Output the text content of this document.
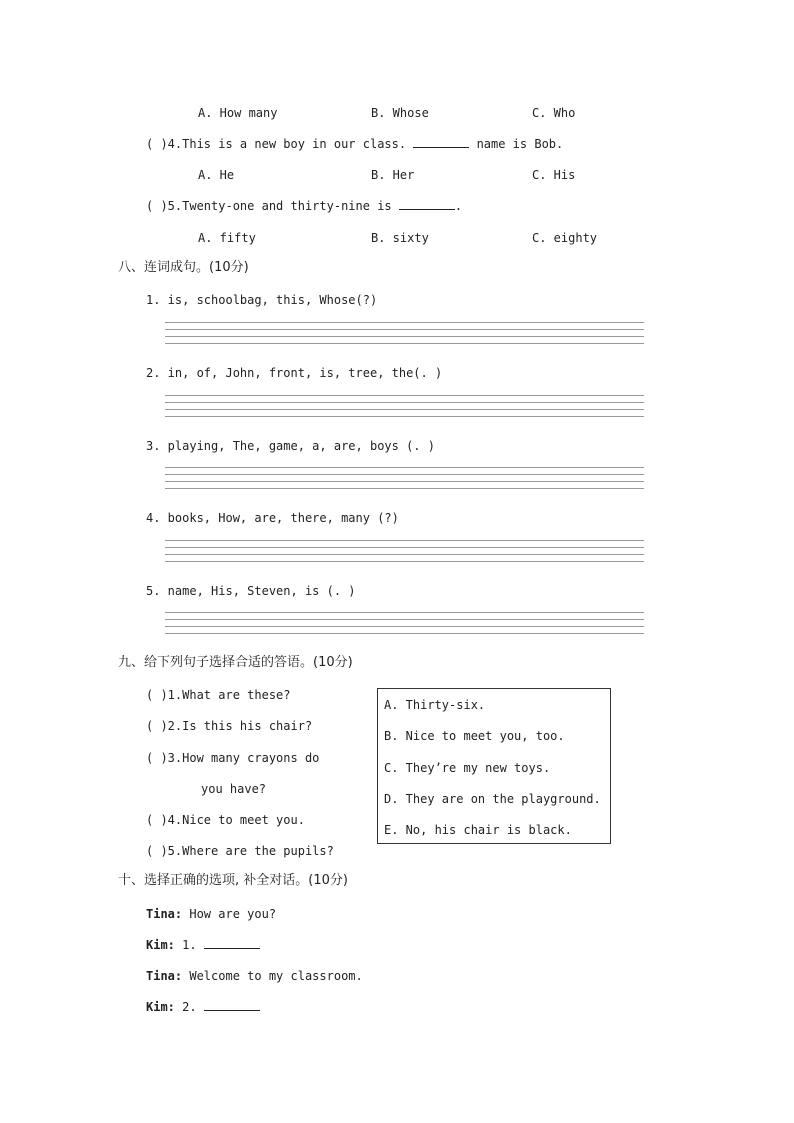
A. How many	B. Whose	C. Who
( )4.This is a new boy in our class.	name is Bob.
A. He	B. Her	C. His
( )5.Twenty-one and thirty-nine is	.
A. fifty	B. sixty	C. eighty
八、连词成句。(10分)
1. is, schoolbag, this, Whose(?)
2. in, of, John, front, is, tree, the(. )
3. playing, The, game, a, are, boys (. )
4. books, How, are, there, many (?)
5. name, His, Steven, is (. )
九、给下列句子选择合适的答语。(10分)
( )1.What are these?
( )2.Is this his chair?
( )3.How many crayons do
you have?
( )4.Nice to meet you.
( )5.Where are the pupils?
A. Thirty-six.
B. Nice to meet you, too.
C. They’re my new toys.
D. They are on the playground.
E. No, his chair is black.
十、选择正确的选项, 补全对话。(10分)
Tina: How are you?
Kim: 1.
Tina: Welcome to my classroom.
Kim: 2.
